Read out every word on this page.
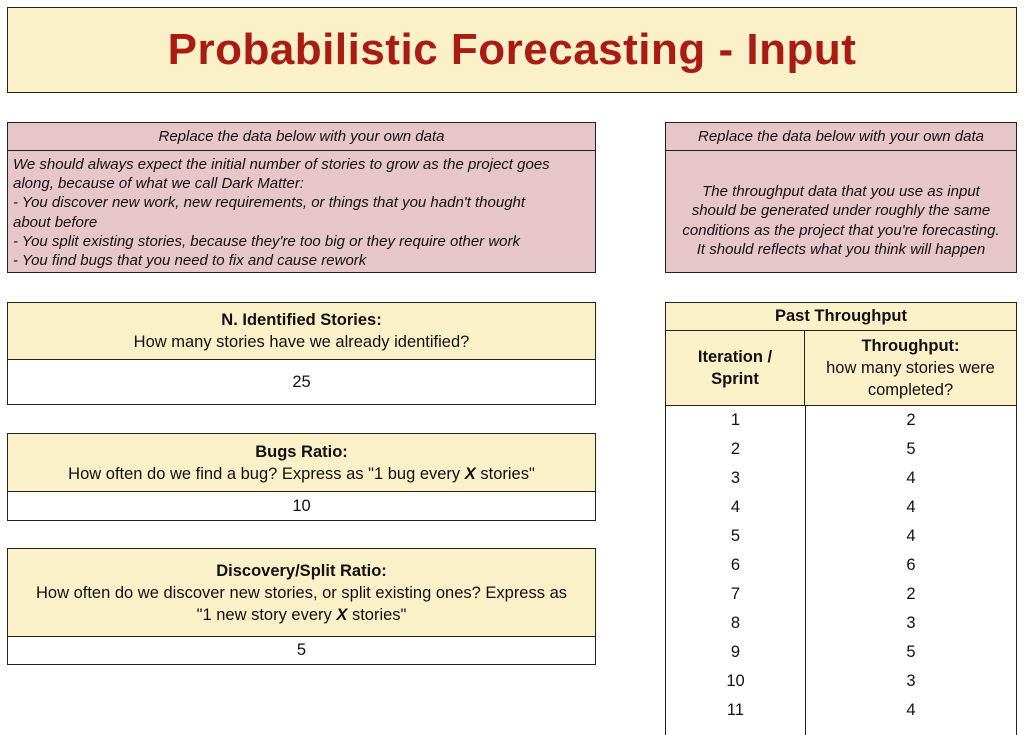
Probabilistic Forecasting - Input
Replace the data below with your own data
We should always expect the initial number of stories to grow as the project goes
along, because of what we call Dark Matter:
- You discover new work, new requirements, or things that you hadn't thought
about before
- You split existing stories, because they're too big or they require other work
- You find bugs that you need to fix and cause rework
Replace the data below with your own data
The throughput data that you use as input
should be generated under roughly the same
conditions as the project that you're forecasting.
It should reflects what you think will happen
N. Identified Stories:
How many stories have we already identified?
25
Bugs Ratio:
How often do we find a bug? Express as "1 bug every X stories"
10
Discovery/Split Ratio:
How often do we discover new stories, or split existing ones? Express as
"1 new story every X stories"
5
Past Throughput
Iteration /
Sprint
Throughput:
how many stories were
completed?
1	2
2	5
3	4
4	4
5	4
6	6
7	2
8	3
9	5
10	3
11	4
